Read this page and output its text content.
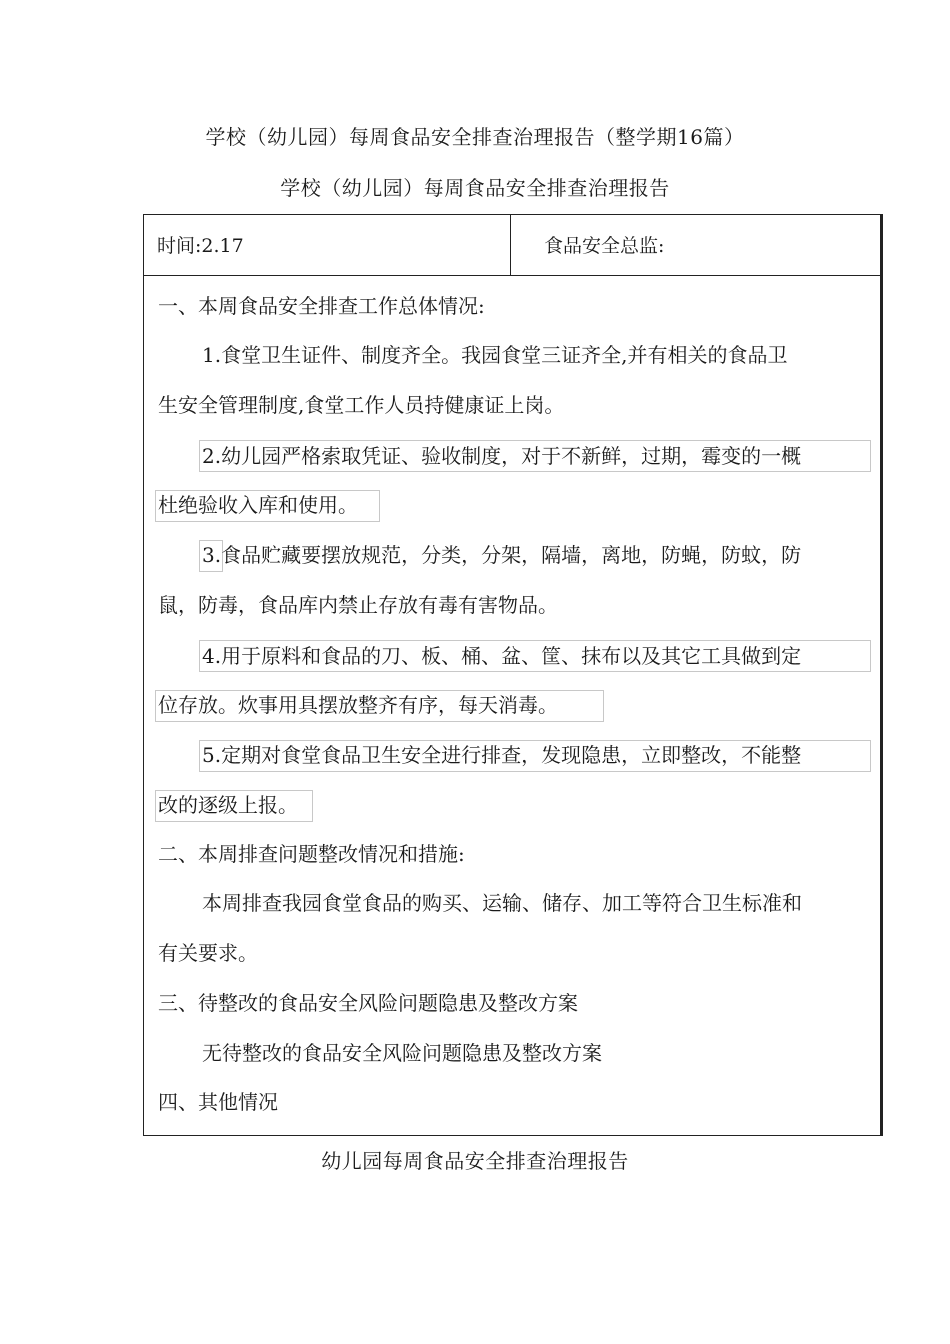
学校（幼儿园）每周食品安全排查治理报告（整学期16篇）
学校（幼儿园）每周食品安全排查治理报告
时间:2.17	食品安全总监:
一、本周食品安全排查工作总体情况:
1.食堂卫生证件、制度齐全。我园食堂三证齐全,并有相关的食品卫
生安全管理制度,食堂工作人员持健康证上岗。
2.幼儿园严格索取凭证、验收制度，对于不新鲜，过期，霉变的一概
杜绝验收入库和使用。
3.食品贮藏要摆放规范，分类，分架，隔墙，离地，防蝇，防蚊，防
鼠，防毒，食品库内禁止存放有毒有害物品。
4.用于原料和食品的刀、板、桶、盆、筐、抹布以及其它工具做到定
位存放。炊事用具摆放整齐有序，每天消毒。
5.定期对食堂食品卫生安全进行排查，发现隐患，立即整改，不能整
改的逐级上报。
二、本周排查问题整改情况和措施:
本周排查我园食堂食品的购买、运输、储存、加工等符合卫生标准和
有关要求。
三、待整改的食品安全风险问题隐患及整改方案
无待整改的食品安全风险问题隐患及整改方案
四、其他情况
幼儿园每周食品安全排查治理报告
